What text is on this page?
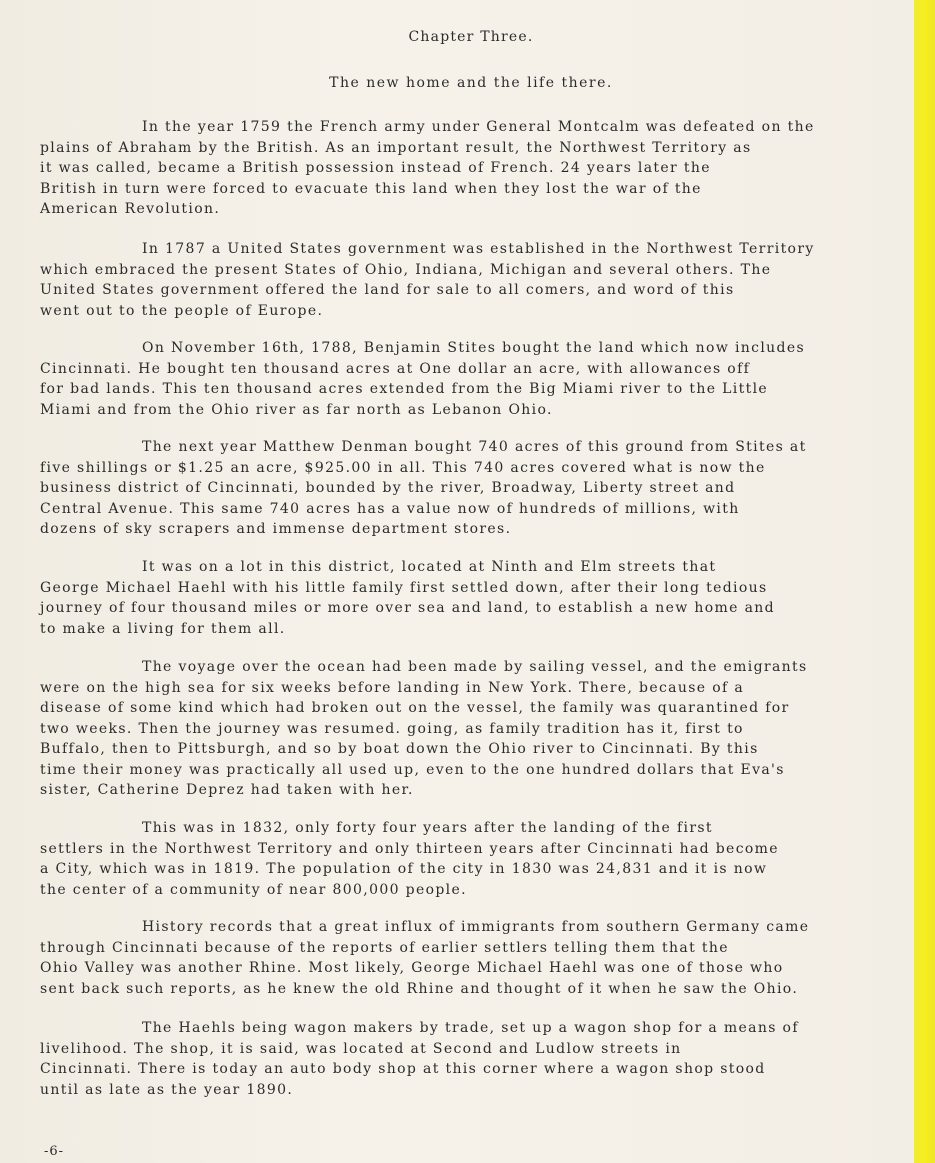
Chapter Three.
The new home and the life there.

In the year 1759 the French army under General Montcalm was defeated on the
plains of Abraham by the British. As an important result, the Northwest Territory as
it was called, became a British possession instead of French. 24 years later the
British in turn were forced to evacuate this land when they lost the war of the
American Revolution.

In 1787 a United States government was established in the Northwest Territory
which embraced the present States of Ohio, Indiana, Michigan and several others. The
United States government offered the land for sale to all comers, and word of this
went out to the people of Europe.

On November 16th, 1788, Benjamin Stites bought the land which now includes
Cincinnati. He bought ten thousand acres at One dollar an acre, with allowances off
for bad lands. This ten thousand acres extended from the Big Miami river to the Little
Miami and from the Ohio river as far north as Lebanon Ohio.

The next year Matthew Denman bought 740 acres of this ground from Stites at
five shillings or $1.25 an acre, $925.00 in all. This 740 acres covered what is now the
business district of Cincinnati, bounded by the river, Broadway, Liberty street and
Central Avenue. This same 740 acres has a value now of hundreds of millions, with
dozens of sky scrapers and immense department stores.

It was on a lot in this district, located at Ninth and Elm streets that
George Michael Haehl with his little family first settled down, after their long tedious
journey of four thousand miles or more over sea and land, to establish a new home and
to make a living for them all.

The voyage over the ocean had been made by sailing vessel, and the emigrants
were on the high sea for six weeks before landing in New York. There, because of a
disease of some kind which had broken out on the vessel, the family was quarantined for
two weeks. Then the journey was resumed. going, as family tradition has it, first to
Buffalo, then to Pittsburgh, and so by boat down the Ohio river to Cincinnati. By this
time their money was practically all used up, even to the one hundred dollars that Eva's
sister, Catherine Deprez had taken with her.

This was in 1832, only forty four years after the landing of the first
settlers in the Northwest Territory and only thirteen years after Cincinnati had become
a City, which was in 1819. The population of the city in 1830 was 24,831 and it is now
the center of a community of near 800,000 people.

History records that a great influx of immigrants from southern Germany came
through Cincinnati because of the reports of earlier settlers telling them that the
Ohio Valley was another Rhine. Most likely, George Michael Haehl was one of those who
sent back such reports, as he knew the old Rhine and thought of it when he saw the Ohio.

The Haehls being wagon makers by trade, set up a wagon shop for a means of
livelihood. The shop, it is said, was located at Second and Ludlow streets in
Cincinnati. There is today an auto body shop at this corner where a wagon shop stood
until as late as the year 1890.

-6-
